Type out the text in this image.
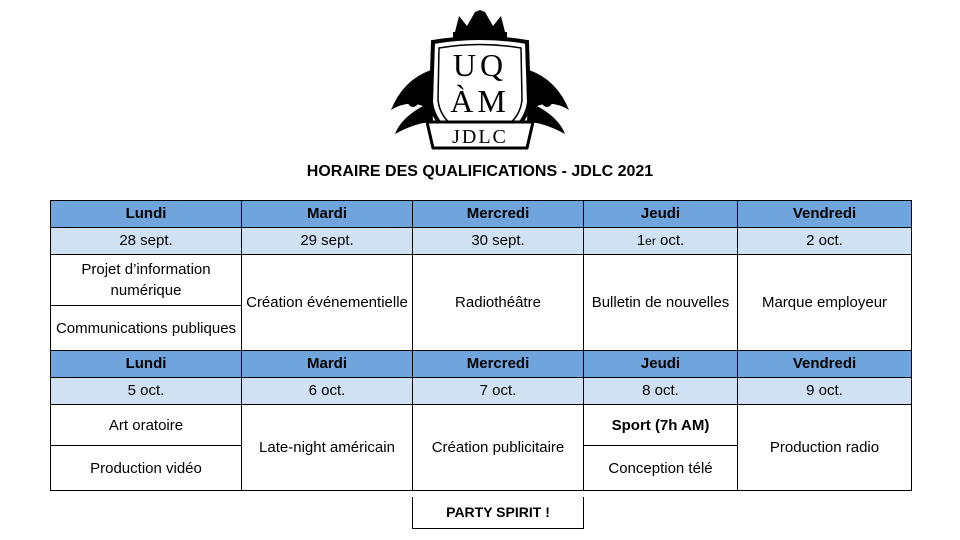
UQ
ÀM
JDLC
HORAIRE DES QUALIFICATIONS - JDLC 2021
Lundi	Mardi	Mercredi	Jeudi	Vendredi
28 sept.	29 sept.	30 sept.	1er oct.	2 oct.
Projet d’information numérique	Création événementielle	Radiothéâtre	Bulletin de nouvelles	Marque employeur
Communications publiques				
Lundi	Mardi	Mercredi	Jeudi	Vendredi
5 oct.	6 oct.	7 oct.	8 oct.	9 oct.
Art oratoire	Late-night américain	Création publicitaire	Sport (7h AM)	Production radio
Production vidéo			Conception télé	
PARTY SPIRIT !
